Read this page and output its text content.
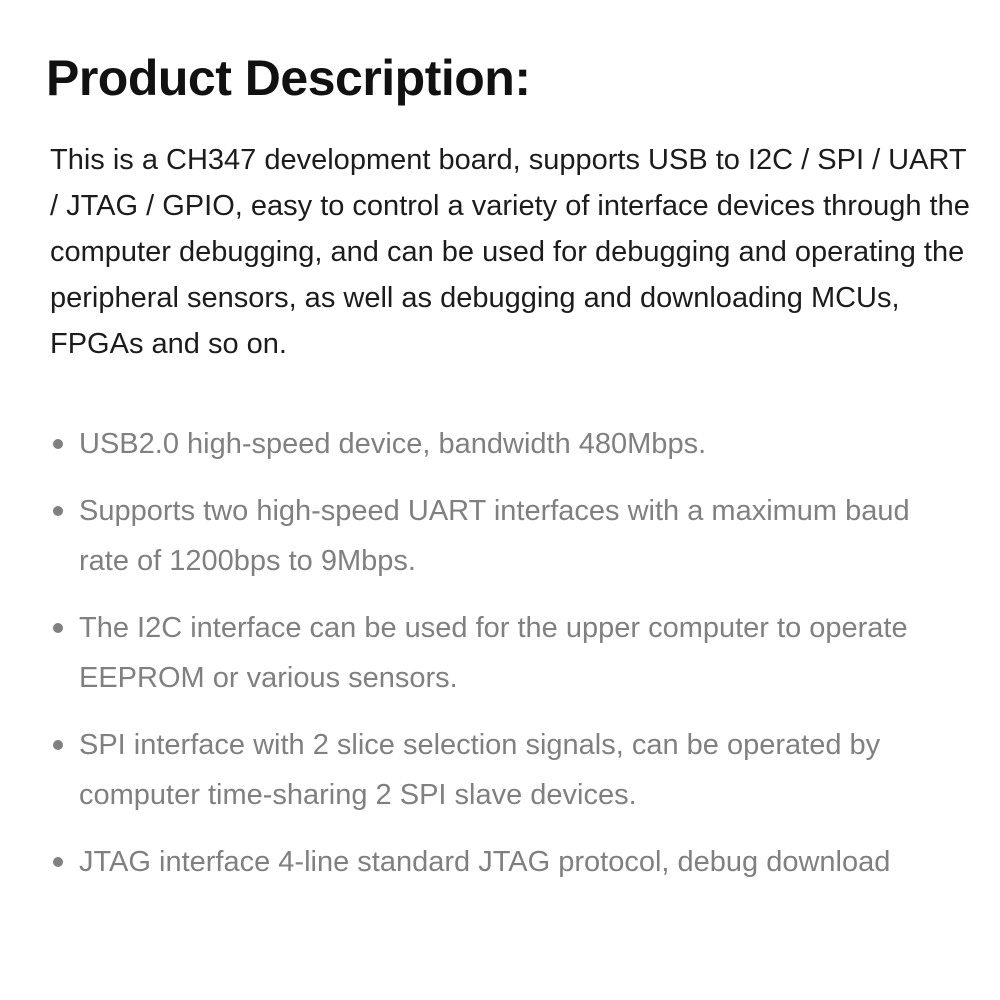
Product Description:

This is a CH347 development board, supports USB to I2C / SPI / UART / JTAG / GPIO, easy to control a variety of interface devices through the computer debugging, and can be used for debugging and operating the peripheral sensors, as well as debugging and downloading MCUs, FPGAs and so on.

USB2.0 high-speed device, bandwidth 480Mbps.
Supports two high-speed UART interfaces with a maximum baud rate of 1200bps to 9Mbps.
The I2C interface can be used for the upper computer to operate EEPROM or various sensors.
SPI interface with 2 slice selection signals, can be operated by computer time-sharing 2 SPI slave devices.
JTAG interface 4-line standard JTAG protocol, debug download
